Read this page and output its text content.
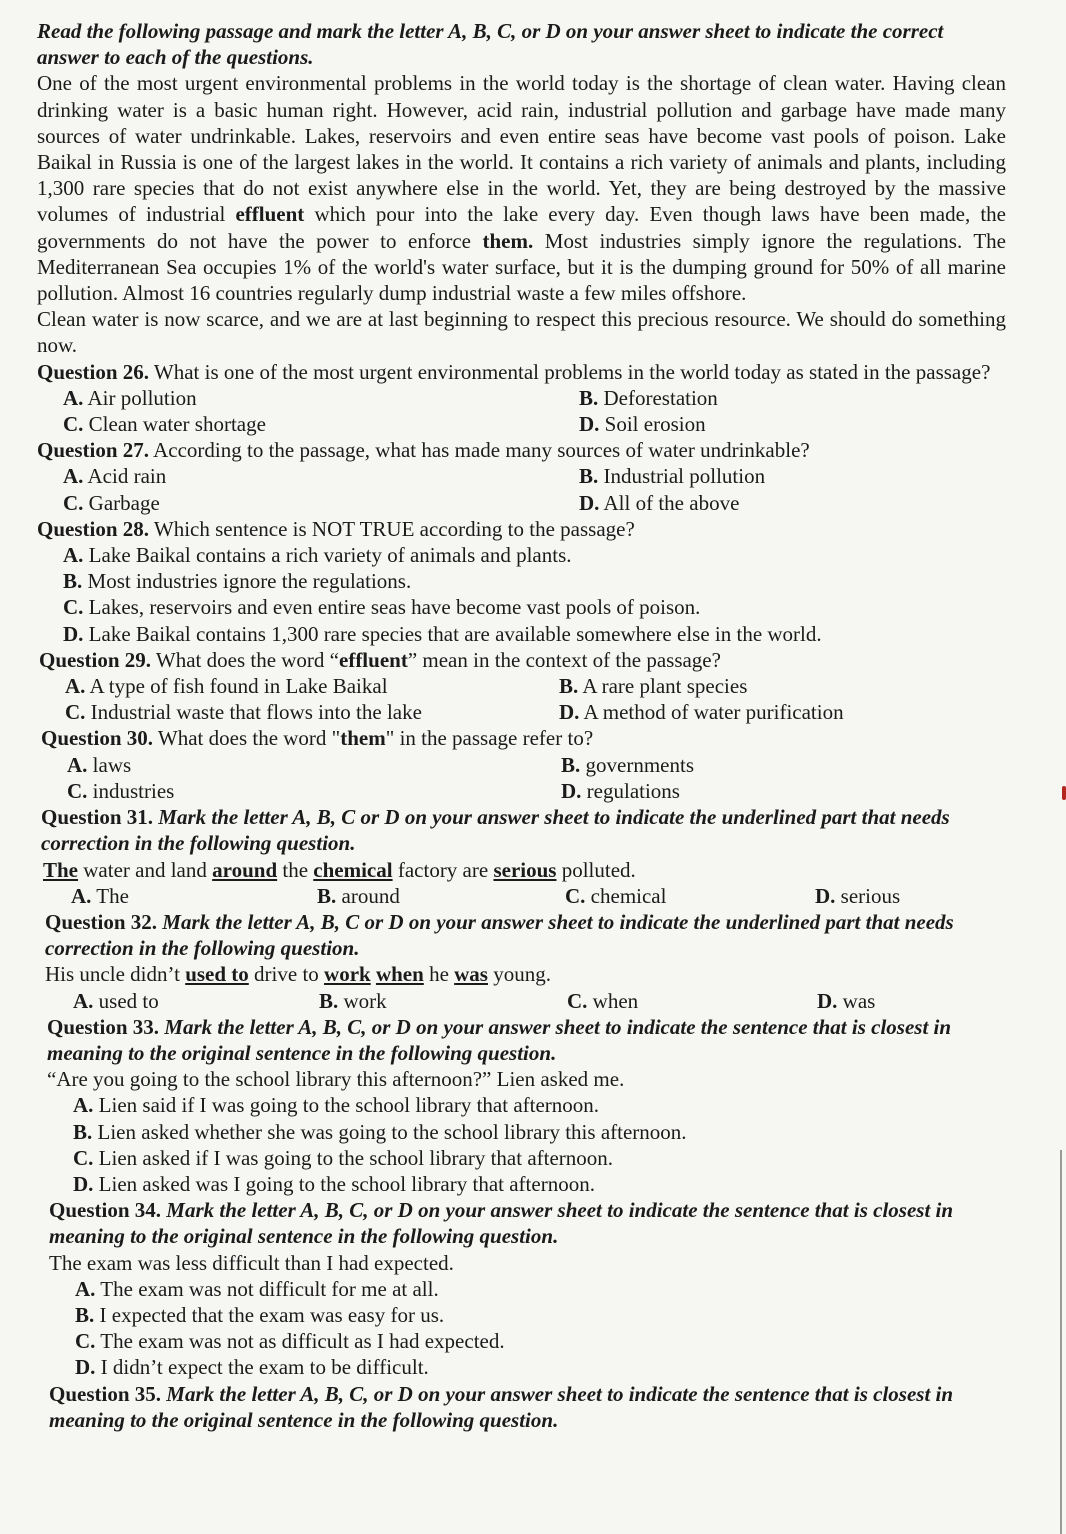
Read the following passage and mark the letter A, B, C, or D on your answer sheet to indicate the correct answer to each of the questions.
One of the most urgent environmental problems in the world today is the shortage of clean water. Having clean drinking water is a basic human right. However, acid rain, industrial pollution and garbage have made many sources of water undrinkable. Lakes, reservoirs and even entire seas have become vast pools of poison. Lake Baikal in Russia is one of the largest lakes in the world. It contains a rich variety of animals and plants, including 1,300 rare species that do not exist anywhere else in the world. Yet, they are being destroyed by the massive volumes of industrial effluent which pour into the lake every day. Even though laws have been made, the governments do not have the power to enforce them. Most industries simply ignore the regulations. The Mediterranean Sea occupies 1% of the world's water surface, but it is the dumping ground for 50% of all marine pollution. Almost 16 countries regularly dump industrial waste a few miles offshore.
Clean water is now scarce, and we are at last beginning to respect this precious resource. We should do something now.
Question 26. What is one of the most urgent environmental problems in the world today as stated in the passage?
A. Air pollution	B. Deforestation
C. Clean water shortage	D. Soil erosion
Question 27. According to the passage, what has made many sources of water undrinkable?
A. Acid rain	B. Industrial pollution
C. Garbage	D. All of the above
Question 28. Which sentence is NOT TRUE according to the passage?
A. Lake Baikal contains a rich variety of animals and plants.
B. Most industries ignore the regulations.
C. Lakes, reservoirs and even entire seas have become vast pools of poison.
D. Lake Baikal contains 1,300 rare species that are available somewhere else in the world.
Question 29. What does the word “effluent” mean in the context of the passage?
A. A type of fish found in Lake Baikal	B. A rare plant species
C. Industrial waste that flows into the lake	D. A method of water purification
Question 30. What does the word "them" in the passage refer to?
A. laws	B. governments
C. industries	D. regulations
Question 31. Mark the letter A, B, C or D on your answer sheet to indicate the underlined part that needs correction in the following question.
The water and land around the chemical factory are serious polluted.
A. The	B. around	C. chemical	D. serious
Question 32. Mark the letter A, B, C or D on your answer sheet to indicate the underlined part that needs correction in the following question.
His uncle didn’t used to drive to work when he was young.
A. used to	B. work	C. when	D. was
Question 33. Mark the letter A, B, C, or D on your answer sheet to indicate the sentence that is closest in meaning to the original sentence in the following question.
“Are you going to the school library this afternoon?” Lien asked me.
A. Lien said if I was going to the school library that afternoon.
B. Lien asked whether she was going to the school library this afternoon.
C. Lien asked if I was going to the school library that afternoon.
D. Lien asked was I going to the school library that afternoon.
Question 34. Mark the letter A, B, C, or D on your answer sheet to indicate the sentence that is closest in meaning to the original sentence in the following question.
The exam was less difficult than I had expected.
A. The exam was not difficult for me at all.
B. I expected that the exam was easy for us.
C. The exam was not as difficult as I had expected.
D. I didn’t expect the exam to be difficult.
Question 35. Mark the letter A, B, C, or D on your answer sheet to indicate the sentence that is closest in meaning to the original sentence in the following question.
